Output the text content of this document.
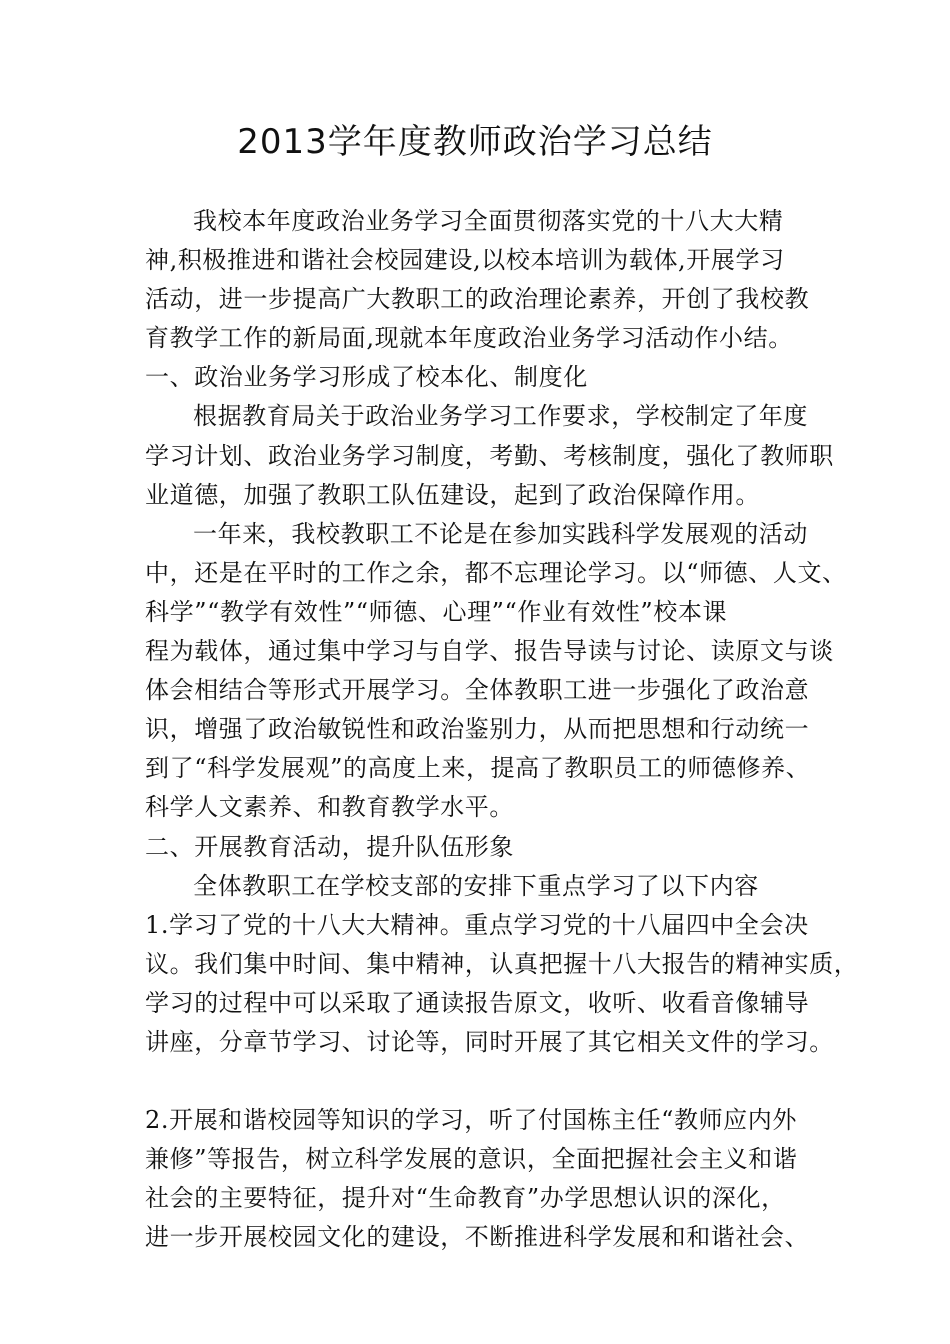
2013学年度教师政治学习总结
我校本年度政治业务学习全面贯彻落实党的十八大大精
神,积极推进和谐社会校园建设,以校本培训为载体,开展学习
活动，进一步提高广大教职工的政治理论素养，开创了我校教
育教学工作的新局面,现就本年度政治业务学习活动作小结。
一、政治业务学习形成了校本化、制度化
根据教育局关于政治业务学习工作要求，学校制定了年度
学习计划、政治业务学习制度，考勤、考核制度，强化了教师职
业道德，加强了教职工队伍建设，起到了政治保障作用。
一年来，我校教职工不论是在参加实践科学发展观的活动
中，还是在平时的工作之余，都不忘理论学习。以“师德、人文、
科学”“教学有效性”“师德、心理”“作业有效性”校本课
程为载体，通过集中学习与自学、报告导读与讨论、读原文与谈
体会相结合等形式开展学习。全体教职工进一步强化了政治意
识，增强了政治敏锐性和政治鉴别力，从而把思想和行动统一
到了“科学发展观”的高度上来，提高了教职员工的师德修养、
科学人文素养、和教育教学水平。
二、开展教育活动，提升队伍形象
全体教职工在学校支部的安排下重点学习了以下内容
1.学习了党的十八大大精神。重点学习党的十八届四中全会决
议。我们集中时间、集中精神，认真把握十八大报告的精神实质，
学习的过程中可以采取了通读报告原文，收听、收看音像辅导
讲座，分章节学习、讨论等，同时开展了其它相关文件的学习。
2.开展和谐校园等知识的学习，听了付国栋主任“教师应内外
兼修”等报告，树立科学发展的意识，全面把握社会主义和谐
社会的主要特征，提升对“生命教育”办学思想认识的深化，
进一步开展校园文化的建设，不断推进科学发展和和谐社会、
